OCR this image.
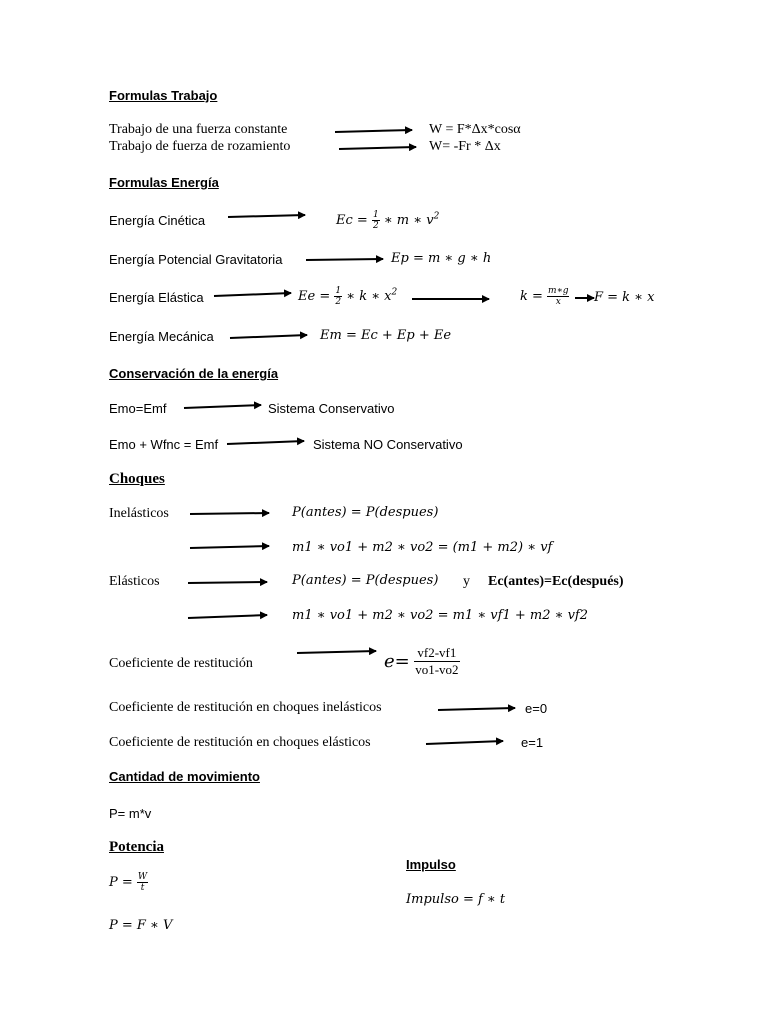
Formulas Trabajo
Trabajo de una fuerza constante	W = F*Δx*cosα
Trabajo de fuerza de rozamiento	W= -Fr * Δx
Formulas Energía
Energía Cinética	$Ec = \frac{1}{2}$ ∗ m ∗ $v^2$
Energía Potencial Gravitatoria	Ep = m ∗ g ∗ h
Energía Elástica	$Ee = \frac{1}{2}$ ∗ k ∗ $x^2$	$k = \frac{m∗g}{x}$ F = k ∗ x
Energía Mecánica	Em = Ec + Ep + Ee
Conservación de la energía
Emo=Emf	Sistema Conservativo
Emo + Wfnc = Emf	Sistema NO Conservativo
Choques
Inelásticos	P(antes) = P(despues)
m1 ∗ vo1 + m2 ∗ vo2 = (m1 + m2) ∗ vf
Elásticos	P(antes) = P(despues) y Ec(antes)=Ec(después)
m1 ∗ vo1 + m2 ∗ vo2 = m1 ∗ vf1 + m2 ∗ vf2
Coeficiente de restitución	$e= \frac{vf2-vf1}{vo1-vo2}$
Coeficiente de restitución en choques inelásticos	e=0
Coeficiente de restitución en choques elásticos	e=1
Cantidad de movimiento
P= m*v
Potencia
$P = \frac{W}{t}$
P = F ∗ V
Impulso
Impulso = f ∗ t
